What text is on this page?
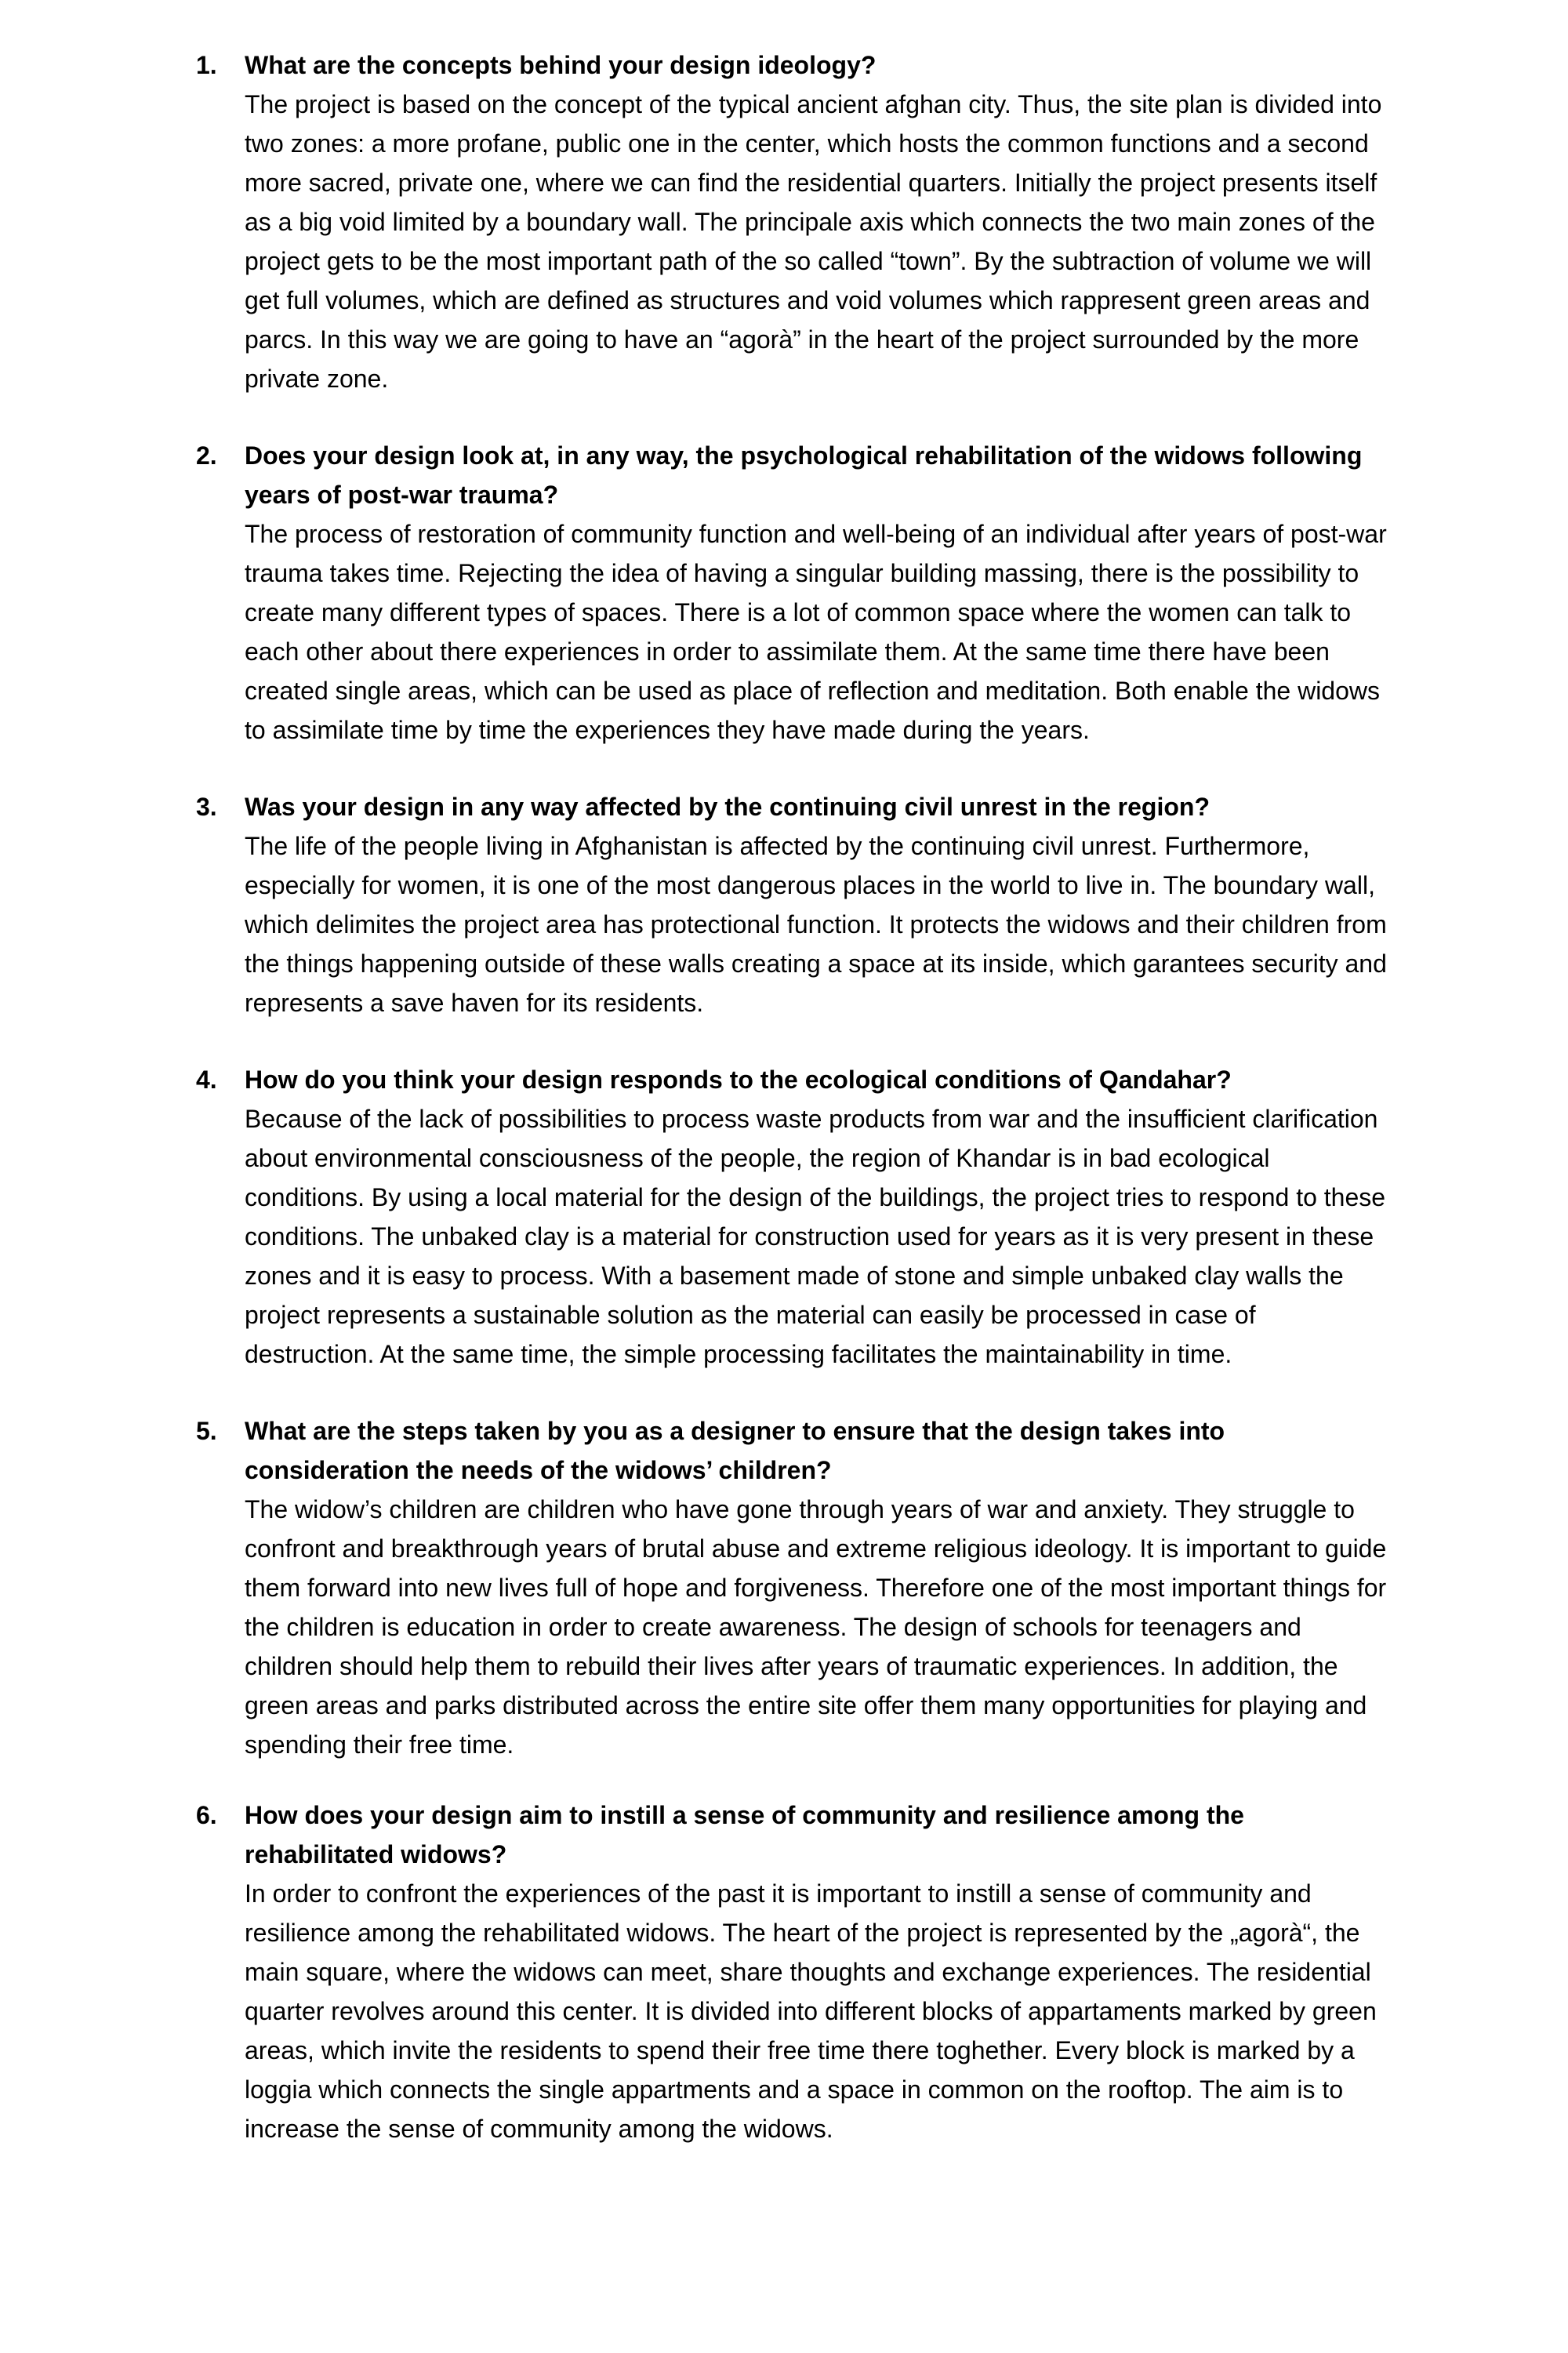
1.	What are the concepts behind your design ideology?

The project is based on the concept of the typical ancient afghan city. Thus, the site plan is divided into two zones: a more profane, public one in the center, which hosts the common functions and a second more sacred, private one, where we can find the residential quarters. Initially the project presents itself as a big void limited by a boundary wall. The principale axis which connects the two main zones of the project gets to be the most important path of the so called “town”. By the subtraction of volume we will get full volumes, which are defined as structures and void volumes which rappresent green areas and parcs. In this way we are going to have an “agorà” in the heart of the project surrounded by the more private zone.

2.	Does your design look at, in any way, the psychological rehabilitation of the widows following years of post-war trauma?

The process of restoration of community function and well-being of an individual after years of post-war trauma takes time. Rejecting the idea of having a singular building massing, there is the possibility to create many different types of spaces. There is a lot of common space where the women can talk to each other about there experiences in order to assimilate them. At the same time there have been created single areas, which can be used as place of reflection and meditation. Both enable the widows to assimilate time by time the experiences they have made during the years.

3.	Was your design in any way affected by the continuing civil unrest in the region?

The life of the people living in Afghanistan is affected by the continuing civil unrest. Furthermore, especially for women, it is one of the most dangerous places in the world to live in. The boundary wall, which delimites the project area has protectional function. It protects the widows and their children from the things happening outside of these walls creating a space at its inside, which garantees security and represents a save haven for its residents.

4.	How do you think your design responds to the ecological conditions of Qandahar?

Because of the lack of possibilities to process waste products from war and the insufficient clarification about environmental consciousness of the people, the region of Khandar is in bad ecological conditions. By using a local material for the design of the buildings, the project tries to respond to these conditions. The unbaked clay is a material for construction used for years as it is very present in these zones and it is easy to process. With a basement made of stone and simple unbaked clay walls the project represents a sustainable solution as the material can easily be processed in case of destruction. At the same time, the simple processing facilitates the maintainability in time.

5.	What are the steps taken by you as a designer to ensure that the design takes into consideration the needs of the widows’ children?

The widow’s children are children who have gone through years of war and anxiety. They struggle to confront and breakthrough years of brutal abuse and extreme religious ideology. It is important to guide them forward into new lives full of hope and forgiveness. Therefore one of the most important things for the children is education in order to create awareness. The design of schools for teenagers and children should help them to rebuild their lives after years of traumatic experiences. In addition, the green areas and parks distributed across the entire site offer them many opportunities for playing and spending their free time.

6.	How does your design aim to instill a sense of community and resilience among the rehabilitated widows?

In order to confront the experiences of the past it is important to instill a sense of community and resilience among the rehabilitated widows. The heart of the project is represented by the „agorà“, the main square, where the widows can meet, share thoughts and exchange experiences. The residential quarter revolves around this center. It is divided into different blocks of appartaments marked by green areas, which invite the residents to spend their free time there toghether. Every block is marked by a loggia which connects the single appartments and a space in common on the rooftop. The aim is to increase the sense of community among the widows.
